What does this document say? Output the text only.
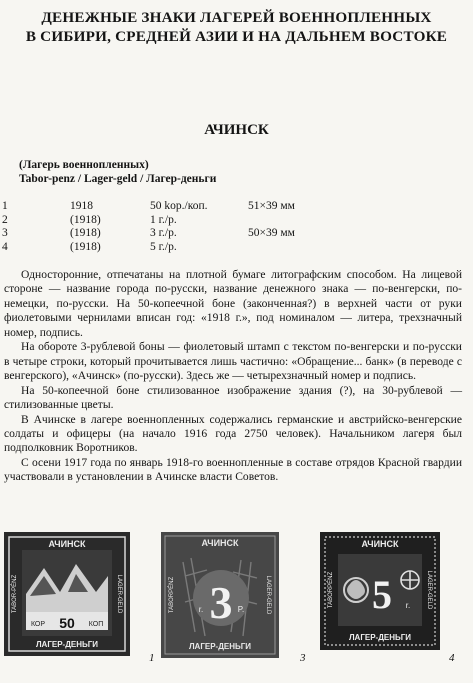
ДЕНЕЖНЫЕ ЗНАКИ ЛАГЕРЕЙ ВОЕННОПЛЕННЫХ
В СИБИРИ, СРЕДНЕЙ АЗИИ И НА ДАЛЬНЕМ ВОСТОКЕ
АЧИНСК
(Лагерь военнопленных)
Tabor-penz / Lager-geld / Лагер-деньги
1	1918	50 kop./коп.	51×39 мм
2	(1918)	1 г./р.	
3	(1918)	3 г./р.	50×39 мм
4	(1918)	5 г./р.	

Односторонние, отпечатаны на плотной бумаге литографским способом. На лицевой стороне — название города по-русски, название денежного знака — по-венгерски, по-немецки, по-русски. На 50-копеечной боне (законченная?) в верхней части от руки фиолетовыми чернилами вписан год: «1918 г.», под номиналом — литера, трехзначный номер, подпись.

На обороте 3-рублевой боны — фиолетовый штамп с текстом по-венгерски и по-русски в четыре строки, который прочитывается лишь частично: «Обращение... банк» (в переводе с венгерского), «Ачинск» (по-русски). Здесь же — четырехзначный номер и подпись.

На 50-копеечной боне стилизованное изображение здания (?), на 30-рублевой — стилизованные цветы.

В Ачинске в лагере военнопленных содержались германские и австрийско-венгерские солдаты и офицеры (на начало 1916 года 2750 человек). Начальником лагеря был подполковник Воротников.

С осени 1917 года по январь 1918-го военнопленные в составе отрядов Красной гвардии участвовали в установлении в Ачинске власти Советов.

АЧИНСК
TABOR-PÉNZ	LAGER-GELD
КОР 50 КОП
ЛАГЕР-ДЕНЬГИ
АЧИНСК
TABORPÉNZ	LAGER-GELD
r. 3 P.
ЛАГЕР-ДЕНЬГИ
АЧИНСК
TABORPÉNZ	LAGER-GELD
5 r.
ЛАГЕР-ДЕНЬГИ
1	3	4
